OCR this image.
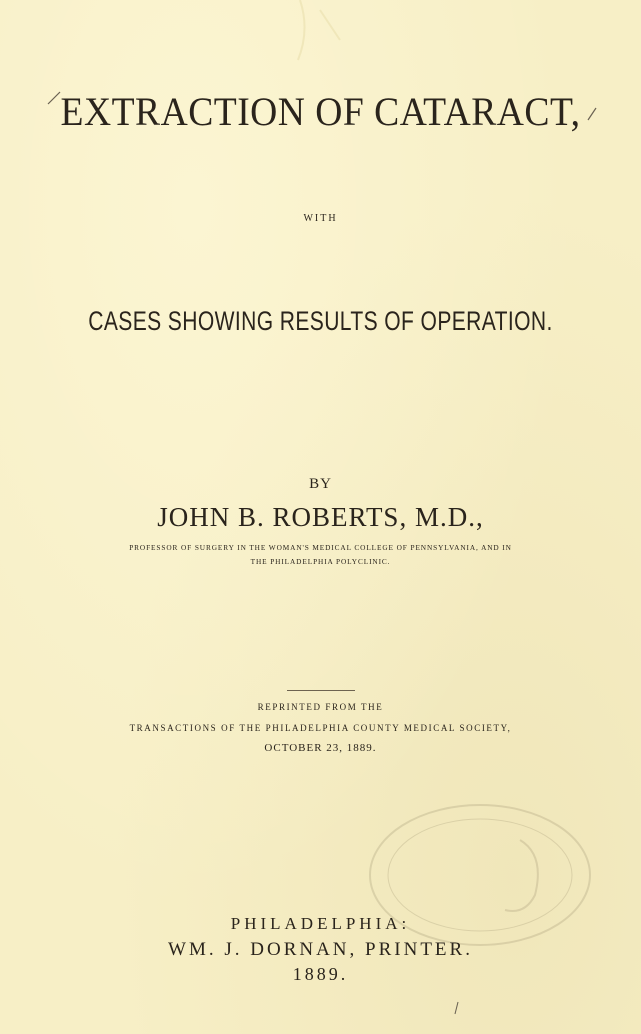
EXTRACTION OF CATARACT,
WITH
CASES SHOWING RESULTS OF OPERATION.
BY
JOHN B. ROBERTS, M.D.,
PROFESSOR OF SURGERY IN THE WOMAN'S MEDICAL COLLEGE OF PENNSYLVANIA, AND IN
THE PHILADELPHIA POLYCLINIC.
REPRINTED FROM THE
TRANSACTIONS OF THE PHILADELPHIA COUNTY MEDICAL SOCIETY,
OCTOBER 23, 1889.
PHILADELPHIA:
WM. J. DORNAN, PRINTER.
1889.
